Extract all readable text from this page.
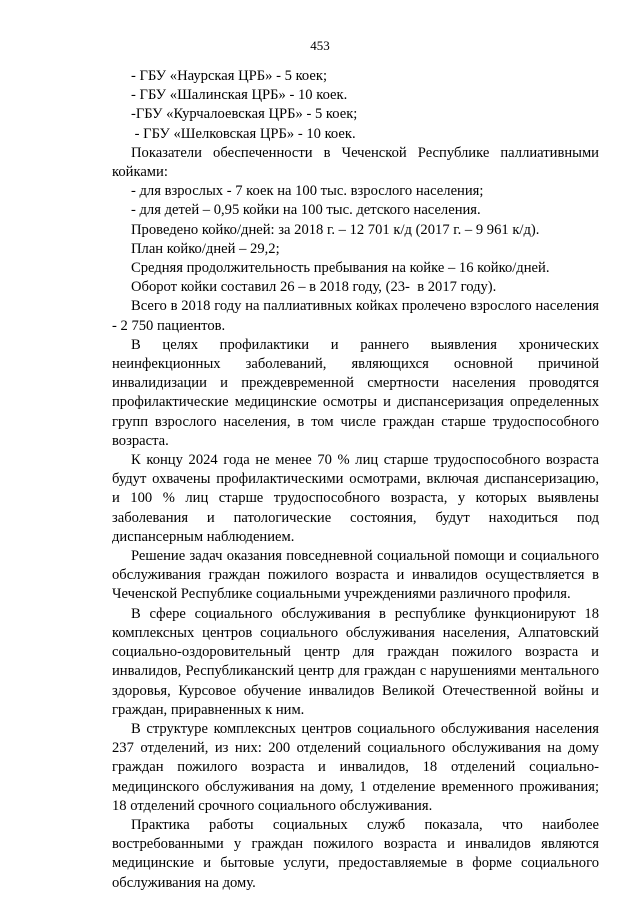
453
- ГБУ «Наурская ЦРБ» - 5 коек;
- ГБУ «Шалинская ЦРБ» - 10 коек.
-ГБУ «Курчалоевская ЦРБ» - 5 коек;
- ГБУ «Шелковская ЦРБ» - 10 коек.

Показатели обеспеченности в Чеченской Республике паллиативными койками:

- для взрослых - 7 коек на 100 тыс. взрослого населения;
- для детей – 0,95 койки на 100 тыс. детского населения.
Проведено койко/дней: за 2018 г. – 12 701 к/д (2017 г. – 9 961 к/д).
План койко/дней – 29,2;
Средняя продолжительность пребывания на койке – 16 койко/дней.
Оборот койки составил 26 – в 2018 году, (23-  в 2017 году).

Всего в 2018 году на паллиативных койках пролечено взрослого населения - 2 750 пациентов.

В целях профилактики и раннего выявления хронических неинфекционных заболеваний, являющихся основной причиной инвалидизации и преждевременной смертности населения проводятся профилактические медицинские осмотры и диспансеризация определенных групп взрослого населения, в том числе граждан старше трудоспособного возраста.

К концу 2024 года не менее 70 % лиц старше трудоспособного возраста будут охвачены профилактическими осмотрами, включая диспансеризацию, и 100 % лиц старше трудоспособного возраста, у которых выявлены заболевания и патологические состояния, будут находиться под диспансерным наблюдением.

Решение задач оказания повседневной социальной помощи и социального обслуживания граждан пожилого возраста и инвалидов осуществляется в Чеченской Республике социальными учреждениями различного профиля.

В сфере социального обслуживания в республике функционируют 18 комплексных центров социального обслуживания населения, Алпатовский социально-оздоровительный центр для граждан пожилого возраста и инвалидов, Республиканский центр для граждан с нарушениями ментального здоровья, Курсовое обучение инвалидов Великой Отечественной войны и граждан, приравненных к ним.

В структуре комплексных центров социального обслуживания населения 237 отделений, из них: 200 отделений социального обслуживания на дому граждан пожилого возраста и инвалидов, 18 отделений социально-медицинского обслуживания на дому, 1 отделение временного проживания; 18 отделений срочного социального обслуживания.

Практика работы социальных служб показала, что наиболее востребованными у граждан пожилого возраста и инвалидов являются медицинские и бытовые услуги, предоставляемые в форме социального обслуживания на дому.
